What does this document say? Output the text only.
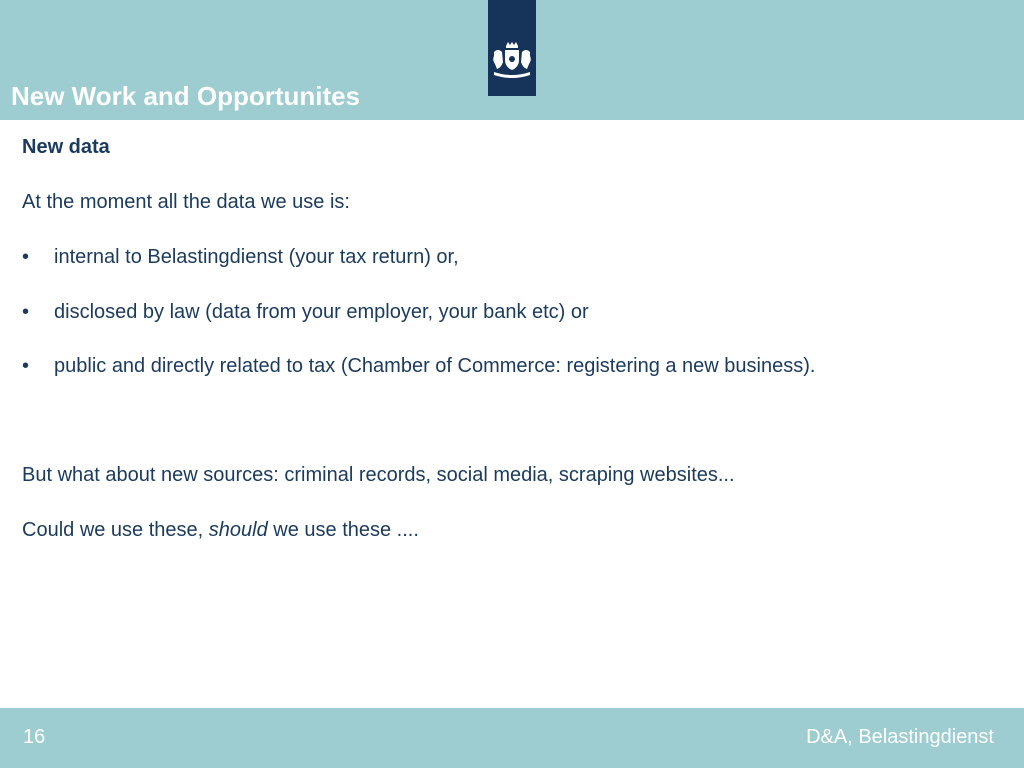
New Work and Opportunites
New data
At the moment all the data we use is:
• internal to Belastingdienst (your tax return) or,
• disclosed by law (data from your employer, your bank etc) or
• public and directly related to tax (Chamber of Commerce: registering a new business).
But what about new sources: criminal records, social media, scraping websites...
Could we use these, should we use these ....
16	D&A, Belastingdienst
